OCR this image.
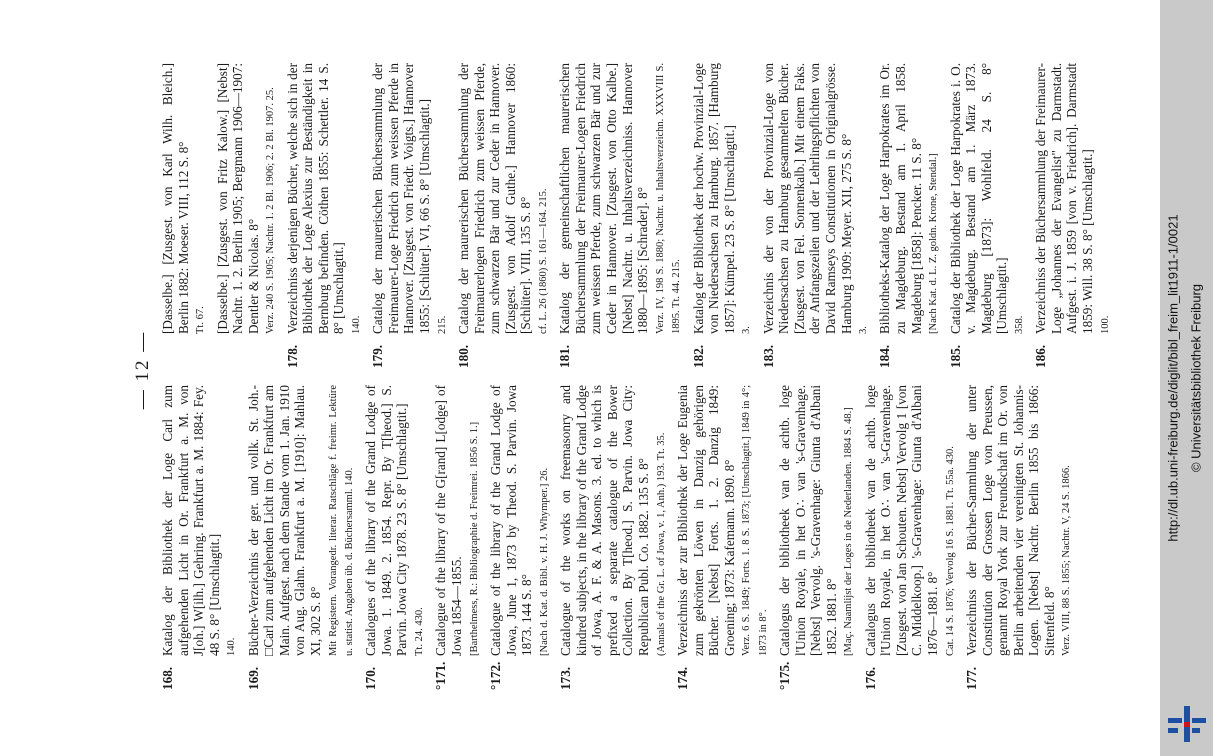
http://dl.ub.uni-freiburg.de/diglit/bibl_freim_lit1911-1/0021 © Universitätsbibliothek Freiburg
— 12 —
168.
Katalog der Bibliothek der Loge Carl zum aufgehenden Licht in Or. Frankfurt a. M. von J[oh.] W[ilh.] Gehring. Frankfurt a. M. 1884: Fey. 48 S. 8° [Umschlagtit.] 140.
169.
Bücher-Verzeichnis der ger. und vollk. St. Joh.-□Carl zum aufgehenden Licht im Or. Frankfurt am Main. Aufgest. nach dem Stande vom 1. Jan. 1910 von Aug. Glahn. Frankfurt a. M. [1910]: Mahlau. XI, 302 S. 8° Mit Registern. Vorangedr. literar. Ratschläge f. freimr. Lektüre u. statist. Angaben üb. d. Büchersamml. 140.
170.
Catalogues of the library of the Grand Lodge of Jowa. 1. 1849. 2. 1854. Repr. By T[heod.] S. Parvin. Jowa City 1878. 23 S. 8° [Umschlagtit.] Tt. 24. 430.
°171.
Catalogue of the library of the G[rand] L[odge] of Jowa 1854—1855. [Barthelmess, R.: Bibliographie d. Freimrei. 1856 S. 1.]
°172.
Catalogue of the library of the Grand Lodge of Jowa, June 1, 1873 by Theod. S. Parvin. Jowa 1873. 144 S. 8° [Nach d. Kat. d. Bibl. v. H. J. Whymper.] 26.
173.
Catalogue of the works on freemasonry and kindred subjects, in the library of the Grand Lodge of Jowa, A. F. & A. Masons. 3. ed. to which is prefixed a separate catalogue of the Bower Collection. By T[heod.] S. Parvin. Jowa City: Republican Publ. Co. 1882. 135 S. 8° (Annals of the Gr. L. of Jowa, v. 1, Anh.) 193. Tt. 35.
174.
Verzeichniss der zur Bibliothek der Loge Eugenia zum gekrönten Löwen in Danzig gehörigen Bücher. [Nebst] Forts. 1. 2. Danzig 1849: Groening; 1873: Kafemann. 1890. 8° Verz. 6 S. 1849; Forts. 1. 8 S. 1873; [Umschlagtit.] 1849 in 4°; 1873 in 8°.
°175.
Catalogus der bibliotheek van de achtb. loge l'Union Royale, in het O∴ van 's-Gravenhage. [Nebst] Vervolg. 's-Gravenhage: Giunta d'Albani 1852. 1881. 8° [Maç. Naamlijst der Loges in de Nederlanden. 1884 S. 48.]
176.
Catalogus der bibliotheek van de achtb. loge l'Union Royale, in het O∴ van 's-Gravenhage. [Zusgest. von Jan Schouten. Nebst] Vervolg 1 [von C. Middelkoop.] 's-Gravenhage: Giunta d'Albani 1876—1881. 8° Cat. 14 S. 1876; Vervolg 16 S. 1881. Tt. 55a. 430.
177.
Verzeichniss der Bücher-Sammlung der unter Constitution der Grossen Loge von Preussen, genannt Royal York zur Freundschaft im Or. von Berlin arbeitenden vier vereinigten St. Johannis-Logen. [Nebst] Nachtr. Berlin 1855 bis 1866: Sittenfeld. 8° Verz. VIII, 88 S. 1855; Nachtr. V, 24 S. 1866.
[Dasselbe.] [Zusgest. von Karl Wilh. Bleich.] Berlin 1882: Moeser. VIII, 112 S. 8° Tt. 67. [Dasselbe.] [Zusgest. von Fritz Kalow.] [Nebst] Nachtr. 1. 2. Berlin 1905; Bergmann 1906—1907: Dentler & Nicolas. 8° Verz. 240 S. 1905; Nachtr. 1. 2 Bl. 1906; 2. 2 Bl. 1907. 25.
178.
Verzeichniss derjenigen Bücher, welche sich in der Bibliothek der Loge Alexius zur Beständigkeit in Bernburg befinden. Cöthen 1855: Schettler. 14 S. 8° [Umschlagtit.] 140.
179.
Catalog der maurerischen Büchersammlung der Freimaurer-Loge Friedrich zum weissen Pferde in Hannover. [Zusgest. von Friedr. Voigts.] Hannover 1855: [Schlüter]. VI, 66 S. 8° [Umschlagtit.] 215.
180.
Catalog der maurerischen Büchersammlung der Freimaurerlogen Friedrich zum weissen Pferde, zum schwarzen Bär und zur Ceder in Hannover. [Zusgest. von Adolf Guthe.] Hannover 1860: [Schlüter]. VIII, 135 S. 8° cf. L. 26 (1860) S. 161—164. 215.
181.
Katalog der gemeinschaftlichen maurerischen Büchersammlung der Freimaurer-Logen Friedrich zum weissen Pferde, zum schwarzen Bär und zur Ceder in Hannover. [Zusgest. von Otto Kalbe.] [Nebst] Nachtr. u. Inhaltsverzeichniss. Hannover 1880—1895: [Schrader]. 8° Verz. IV, 198 S. 1880; Nachtr. u. Inhaltsverzeichn. XXXVIII S. 1895. Tt. 44. 215.
182.
Katalog der Bibliothek der hochw. Provinzial-Loge von Niedersachsen zu Hamburg. 1857. [Hamburg 1857]: Kümpel. 23 S. 8° [Umschlagtit.] 3.
183.
Verzeichnis der von der Provinzial-Loge von Niedersachsen zu Hamburg gesammelten Bücher. [Zusgest. von Fel. Sonnenkalb.] Mit einem Faks. der Anfangszeilen und der Lehrlingspflichten von David Ramseys Constitutionen in Originalgrösse. Hamburg 1909: Meyer. XII, 275 S. 8° 3.
184.
Bibliotheks-Katalog der Loge Harpokrates im Or. zu Magdeburg. Bestand am 1. April 1858. Magdeburg [1858]: Pencker. 11 S. 8° [Nach Kat. d. L. Z. goldn. Krone, Stendal.]
185.
Catalog der Bibliothek der Loge Harpokrates i. O. v. Magdeburg. Bestand am 1. März 1873. Magdeburg [1873]: Wohlfeld. 24 S. 8° [Umschlagtit.] 358.
186.
Verzeichniss der Büchersammlung der Freimaurer-Loge „Johannes der Evangelist" zu Darmstadt. Aufgest. i. J. 1859 [von v. Friedrich]. Darmstadt 1859: Will. 38 S. 8° [Umschlagtit.] 100.
